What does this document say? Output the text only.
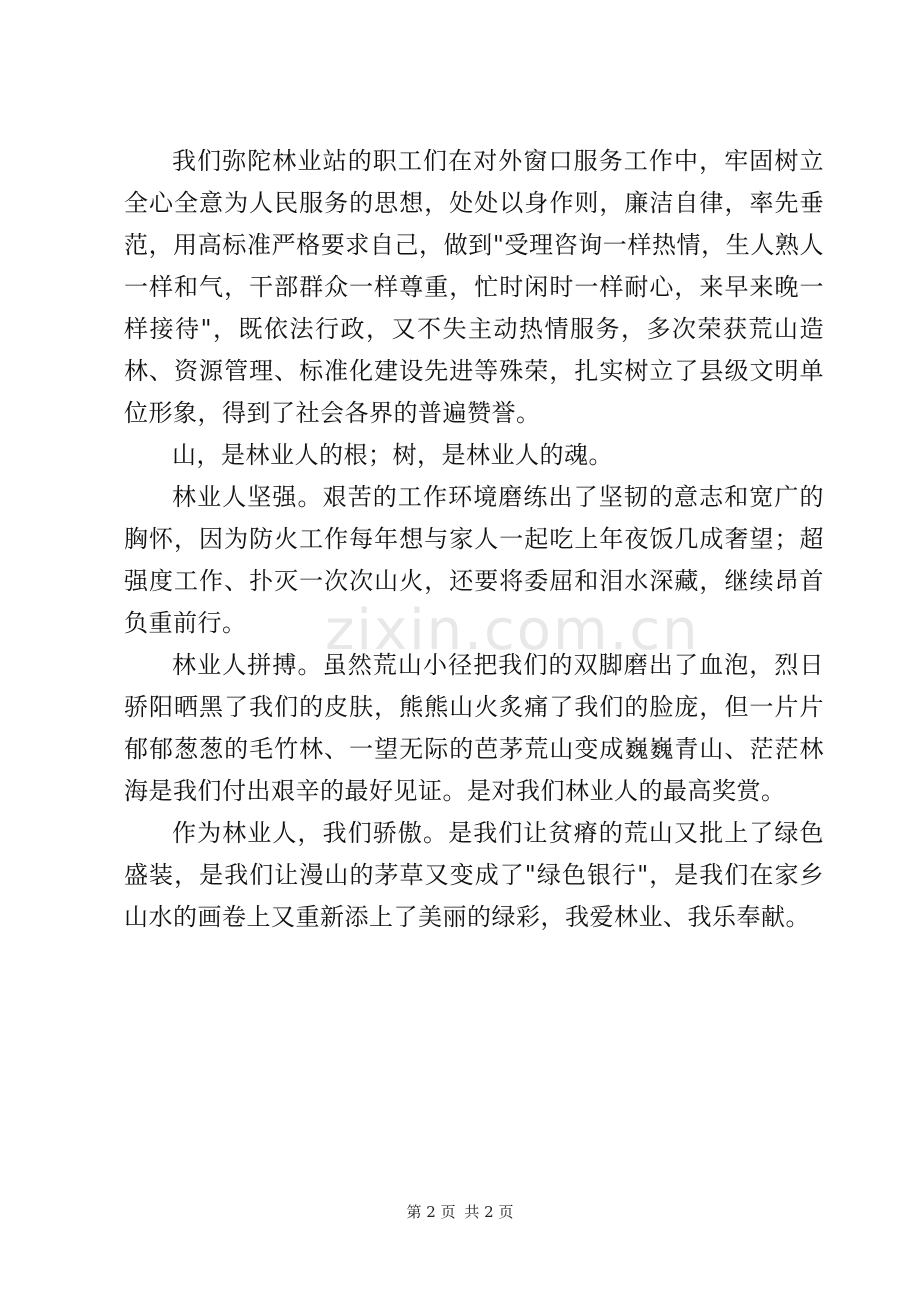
我们弥陀林业站的职工们在对外窗口服务工作中，牢固树立全心全意为人民服务的思想，处处以身作则，廉洁自律，率先垂范，用高标准严格要求自己，做到"受理咨询一样热情，生人熟人一样和气，干部群众一样尊重，忙时闲时一样耐心，来早来晚一样接待"，既依法行政，又不失主动热情服务，多次荣获荒山造林、资源管理、标准化建设先进等殊荣，扎实树立了县级文明单位形象，得到了社会各界的普遍赞誉。

山，是林业人的根；树，是林业人的魂。

林业人坚强。艰苦的工作环境磨练出了坚韧的意志和宽广的胸怀，因为防火工作每年想与家人一起吃上年夜饭几成奢望；超强度工作、扑灭一次次山火，还要将委屈和泪水深藏，继续昂首负重前行。

林业人拼搏。虽然荒山小径把我们的双脚磨出了血泡，烈日骄阳晒黑了我们的皮肤，熊熊山火炙痛了我们的脸庞，但一片片郁郁葱葱的毛竹林、一望无际的芭茅荒山变成巍巍青山、茫茫林海是我们付出艰辛的最好见证。是对我们林业人的最高奖赏。

作为林业人，我们骄傲。是我们让贫瘠的荒山又批上了绿色盛装，是我们让漫山的茅草又变成了"绿色银行"，是我们在家乡山水的画卷上又重新添上了美丽的绿彩，我爱林业、我乐奉献。

zixin.com.cn
第 2 页 共 2 页
